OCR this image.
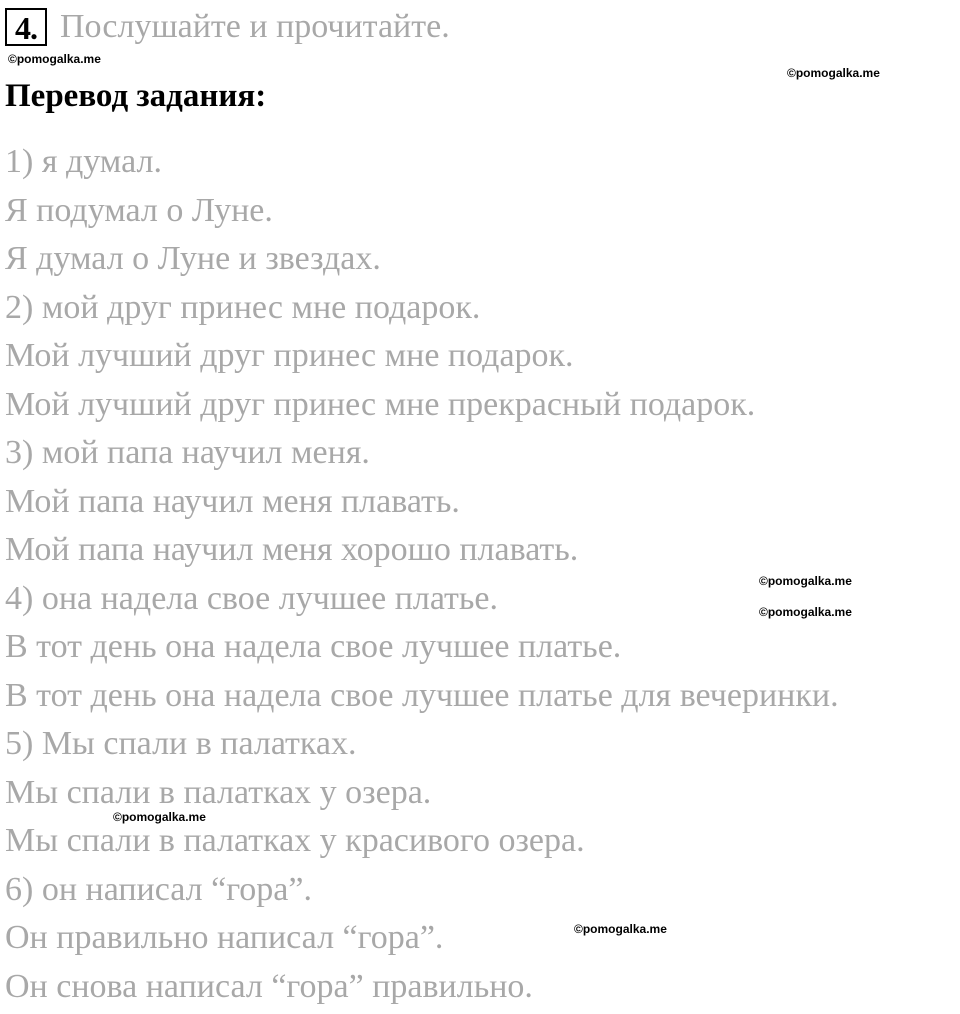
4. Послушайте и прочитайте.
©pomogalka.me
©pomogalka.me
Перевод задания:
1) я думал.
Я подумал о Луне.
Я думал о Луне и звездах.
2) мой друг принес мне подарок.
Мой лучший друг принес мне подарок.
Мой лучший друг принес мне прекрасный подарок.
3) мой папа научил меня.
Мой папа научил меня плавать.
Мой папа научил меня хорошо плавать.
4) она надела свое лучшее платье.
В тот день она надела свое лучшее платье.
В тот день она надела свое лучшее платье для вечеринки.
5) Мы спали в палатках.
Мы спали в палатках у озера.
Мы спали в палатках у красивого озера.
6) он написал “гора”.
Он правильно написал “гора”.
Он снова написал “гора” правильно.
©pomogalka.me
©pomogalka.me
©pomogalka.me
©pomogalka.me
